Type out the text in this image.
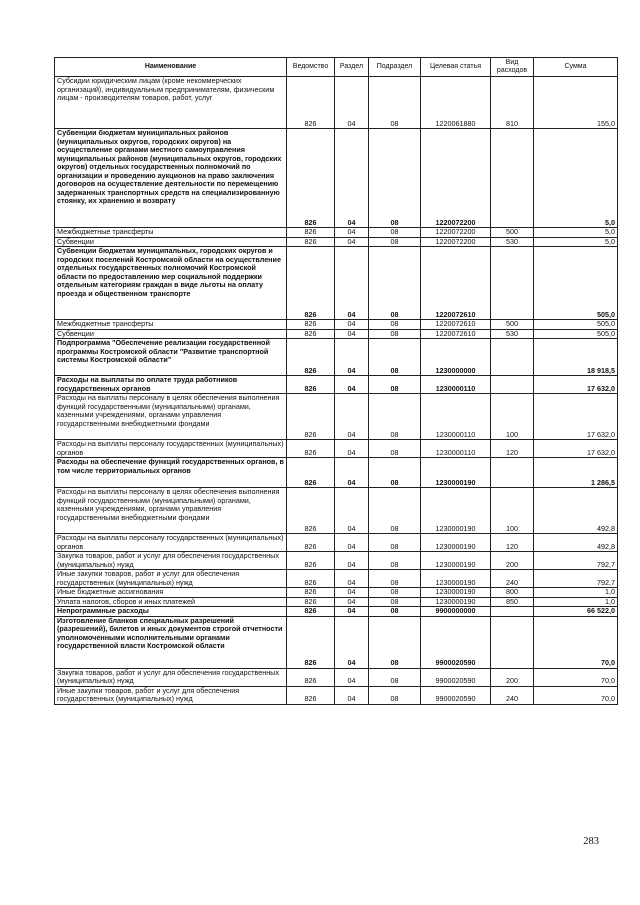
Наименование	Ведомство	Раздел	Подраздел	Целевая статья	Вид расходов	Сумма

Субсидии юридическим лицам (кроме некоммерческих организаций), индивидуальным предпринимателям, физическим лицам - производителям товаров, работ, услуг	826	04	08	1220061880	810	155,0

Субвенции бюджетам муниципальных районов (муниципальных округов, городских округов) на осуществление органами местного самоуправления муниципальных районов (муниципальных округов, городских округов) отдельных государственных полномочий по организации и проведению аукционов на право заключения договоров на осуществление деятельности по перемещению задержанных транспортных средств на специализированную стоянку, их хранению и возврату	826	04	08	1220072200		5,0

Межбюджетные трансферты	826	04	08	1220072200	500	5,0

Субвенции	826	04	08	1220072200	530	5,0

Субвенции бюджетам муниципальных, городских округов и городских поселений Костромской области на осуществление отдельных государственных полномочий Костромской области по предоставлению мер социальной поддержки отдельным категориям граждан в виде льготы на оплату проезда и общественном транспорте	826	04	08	1220072610		505,0

Межбюджетные трансферты	826	04	08	1220072610	500	505,0

Субвенции	826	04	08	1220072610	530	505,0

Подпрограмма "Обеспечение реализации государственной программы Костромской области "Развитие транспортной системы Костромской области"	826	04	08	1230000000		18 918,5

Расходы на выплаты по оплате труда работников государственных органов	826	04	08	1230000110		17 632,0

Расходы на выплаты персоналу в целях обеспечения выполнения функций государственными (муниципальными) органами, казенными учреждениями, органами управления государственными внебюджетными фондами	826	04	08	1230000110	100	17 632,0

Расходы на выплаты персоналу государственных (муниципальных) органов	826	04	08	1230000110	120	17 632,0

Расходы на обеспечение функций государственных органов, в том числе территориальных органов	826	04	08	1230000190		1 286,5

Расходы на выплаты персоналу в целях обеспечения выполнения функций государственными (муниципальными) органами, казенными учреждениями, органами управления государственными внебюджетными фондами	826	04	08	1230000190	100	492,8

Расходы на выплаты персоналу государственных (муниципальных) органов	826	04	08	1230000190	120	492,8

Закупка товаров, работ и услуг для обеспечения государственных (муниципальных) нужд	826	04	08	1230000190	200	792,7

Иные закупки товаров, работ и услуг для обеспечения государственных (муниципальных) нужд	826	04	08	1230000190	240	792,7

Иные бюджетные ассигнования	826	04	08	1230000190	800	1,0

Уплата налогов, сборов и иных платежей	826	04	08	1230000190	850	1,0

Непрограммные расходы	826	04	08	9900000000		66 522,0

Изготовление бланков специальных разрешений (разрешений), билетов и иных документов строгой отчетности уполномоченными исполнительными органами государственной власти Костромской области	826	04	08	9900020590		70,0

Закупка товаров, работ и услуг для обеспечения государственных (муниципальных) нужд	826	04	08	9900020590	200	70,0

Иные закупки товаров, работ и услуг для обеспечения государственных (муниципальных) нужд	826	04	08	9900020590	240	70,0
283
